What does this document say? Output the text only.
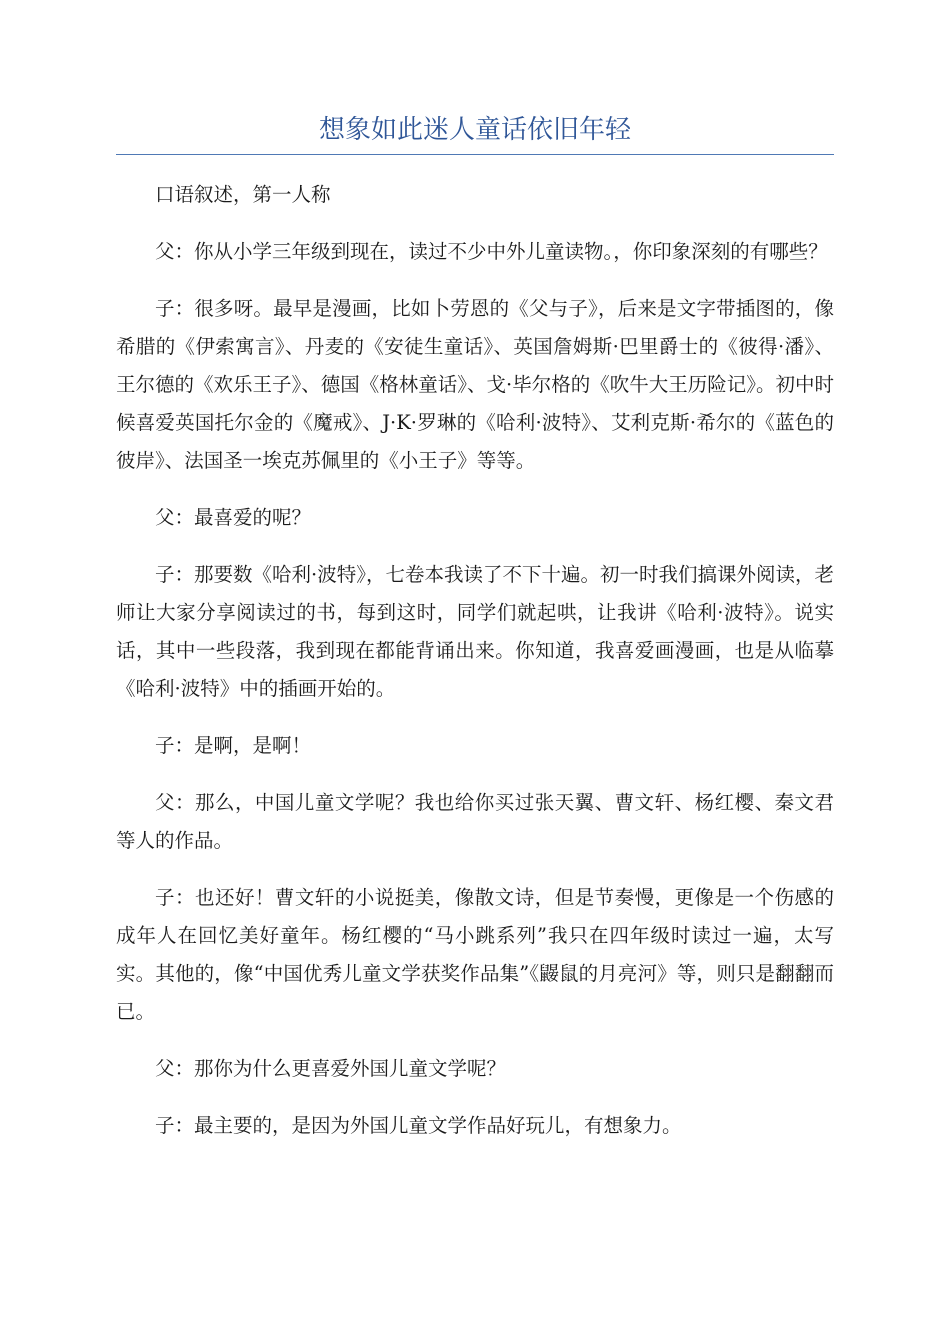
想象如此迷人童话依旧年轻

口语叙述，第一人称

父：你从小学三年级到现在，读过不少中外儿童读物。，你印象深刻的有哪些？

子：很多呀。最早是漫画，比如卜劳恩的《父与子》，后来是文字带插图的，像希腊的《伊索寓言》、丹麦的《安徒生童话》、英国詹姆斯·巴里爵士的《彼得·潘》、王尔德的《欢乐王子》、德国《格林童话》、戈·毕尔格的《吹牛大王历险记》。初中时候喜爱英国托尔金的《魔戒》、J·K·罗琳的《哈利·波特》、艾利克斯·希尔的《蓝色的彼岸》、法国圣一埃克苏佩里的《小王子》等等。

父：最喜爱的呢？

子：那要数《哈利·波特》，七卷本我读了不下十遍。初一时我们搞课外阅读，老师让大家分享阅读过的书，每到这时，同学们就起哄，让我讲《哈利·波特》。说实话，其中一些段落，我到现在都能背诵出来。你知道，我喜爱画漫画，也是从临摹《哈利·波特》中的插画开始的。

子：是啊，是啊！

父：那么，中国儿童文学呢？我也给你买过张天翼、曹文轩、杨红樱、秦文君等人的作品。

子：也还好！曹文轩的小说挺美，像散文诗，但是节奏慢，更像是一个伤感的成年人在回忆美好童年。杨红樱的“马小跳系列”我只在四年级时读过一遍，太写实。其他的，像“中国优秀儿童文学获奖作品集”《鼹鼠的月亮河》等，则只是翻翻而已。

父：那你为什么更喜爱外国儿童文学呢？

子：最主要的，是因为外国儿童文学作品好玩儿，有想象力。
